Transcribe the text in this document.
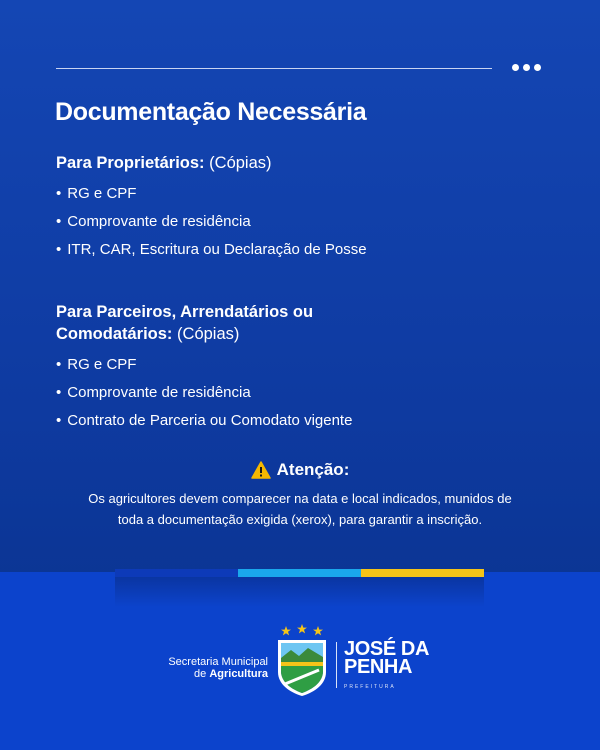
Documentação Necessária
Para Proprietários: (Cópias)
• RG e CPF
• Comprovante de residência
• ITR, CAR, Escritura ou Declaração de Posse
Para Parceiros, Arrendatários ou
Comodatários: (Cópias)
• RG e CPF
• Comprovante de residência
• Contrato de Parceria ou Comodato vigente
Atenção:

Os agricultores devem comparecer na data e local indicados, munidos de
toda a documentação exigida (xerox), para garantir a inscrição.

Secretaria Municipal
de Agricultura
JOSÉ DA
PENHA
PREFEITURA
